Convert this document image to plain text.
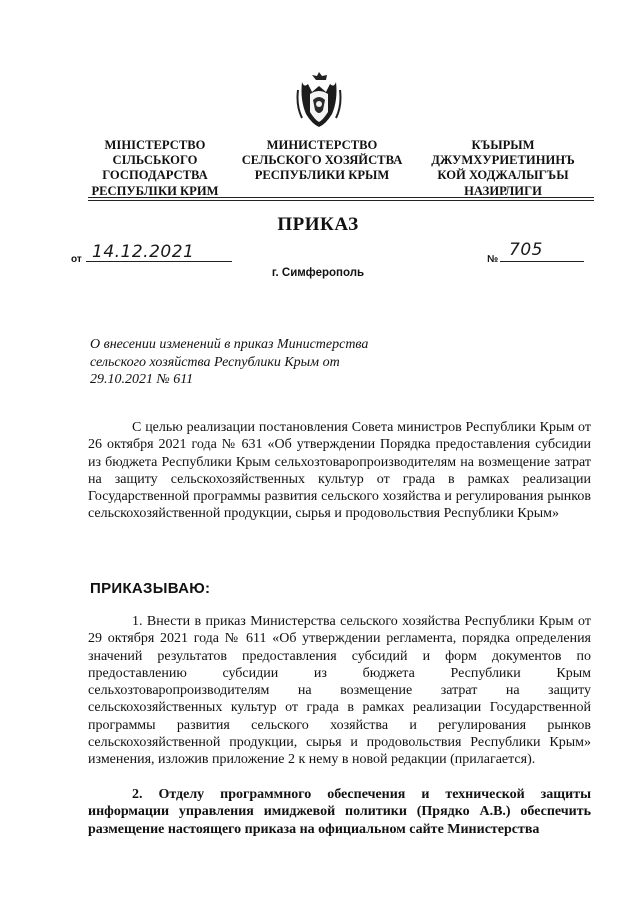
МІНІСТЕРСТВО
СІЛЬСЬКОГО
ГОСПОДАРСТВА
РЕСПУБЛІКИ КРИМ
МИНИСТЕРСТВО
СЕЛЬСКОГО ХОЗЯЙСТВА
РЕСПУБЛИКИ КРЫМ
КЪЫРЫМ
ДЖУМХУРИЕТИНИНЪ
КОЙ ХОДЖАЛЫГЪЫ
НАЗИРЛИГИ
ПРИКАЗ
от 14.12.2021	№ 705
г. Симферополь
О внесении изменений в приказ Министерства сельского хозяйства Республики Крым от 29.10.2021 № 611
С целью реализации постановления Совета министров Республики Крым от 26 октября 2021 года № 631 «Об утверждении Порядка предоставления субсидии из бюджета Республики Крым сельхозтоваропроизводителям на возмещение затрат на защиту сельскохозяйственных культур от града в рамках реализации Государственной программы развития сельского хозяйства и регулирования рынков сельскохозяйственной продукции, сырья и продовольствия Республики Крым»
ПРИКАЗЫВАЮ:
1. Внести в приказ Министерства сельского хозяйства Республики Крым от 29 октября 2021 года № 611 «Об утверждении регламента, порядка определения значений результатов предоставления субсидий и форм документов по предоставлению субсидии из бюджета Республики Крым сельхозтоваропроизводителям на возмещение затрат на защиту сельскохозяйственных культур от града в рамках реализации Государственной программы развития сельского хозяйства и регулирования рынков сельскохозяйственной продукции, сырья и продовольствия Республики Крым» изменения, изложив приложение 2 к нему в новой редакции (прилагается).
2. Отделу программного обеспечения и технической защиты информации управления имиджевой политики (Прядко А.В.) обеспечить размещение настоящего приказа на официальном сайте Министерства
